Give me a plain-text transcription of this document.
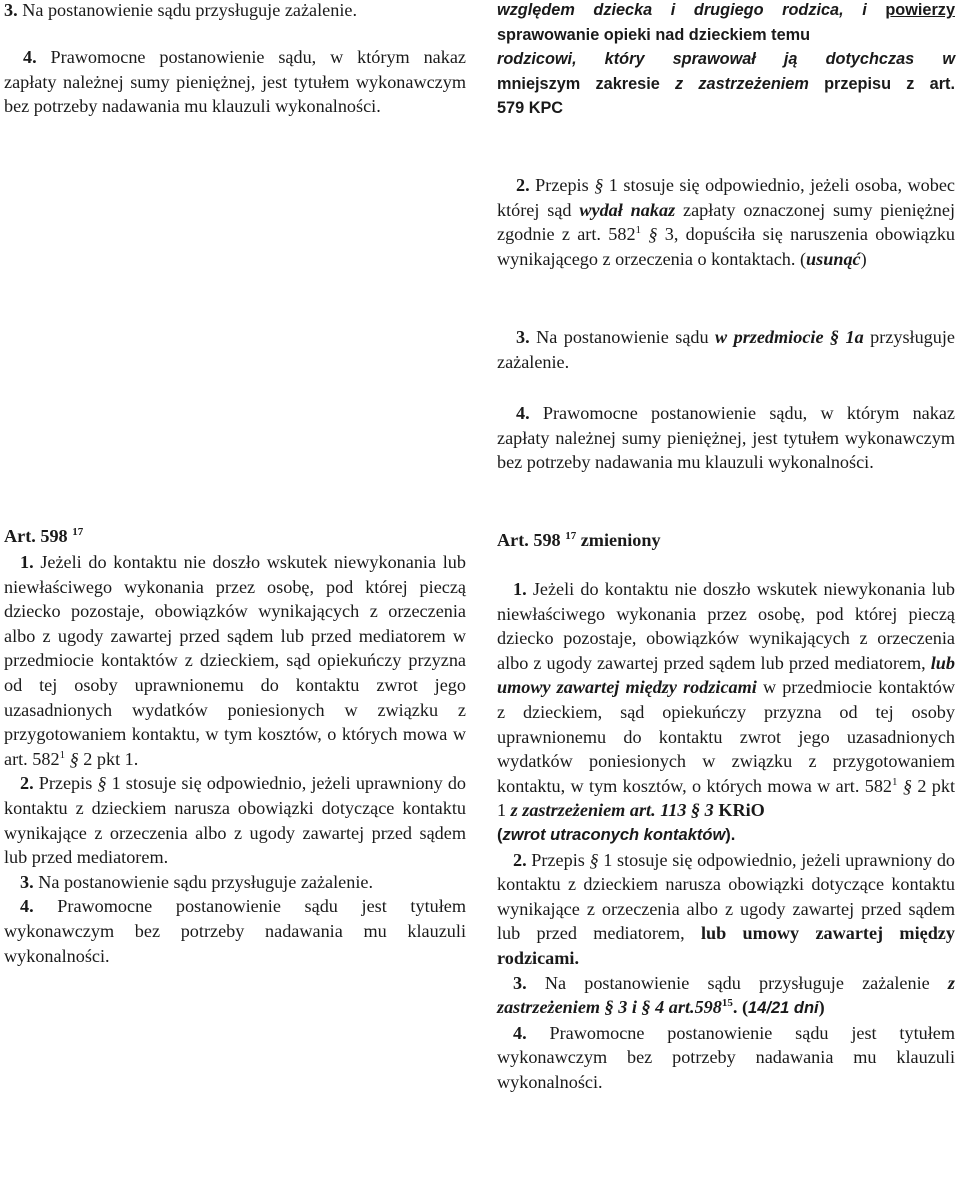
3. Na postanowienie sądu przysługuje zażalenie.

4. Prawomocne postanowienie sądu, w którym nakaz zapłaty należnej sumy pieniężnej, jest tytułem wykonawczym bez potrzeby nadawania mu klauzuli wykonalności.

Art. 598 $^{17}$

1. Jeżeli do kontaktu nie doszło wskutek niewykonania lub niewłaściwego wykonania przez osobę, pod której pieczą dziecko pozostaje, obowiązków wynikających z orzeczenia albo z ugody zawartej przed sądem lub przed mediatorem w przedmiocie kontaktów z dzieckiem, sąd opiekuńczy przyzna od tej osoby uprawnionemu do kontaktu zwrot jego uzasadnionych wydatków poniesionych w związku z przygotowaniem kontaktu, w tym kosztów, o których mowa w art. $582^1$ § 2 pkt 1.

2. Przepis § 1 stosuje się odpowiednio, jeżeli uprawniony do kontaktu z dzieckiem narusza obowiązki dotyczące kontaktu wynikające z orzeczenia albo z ugody zawartej przed sądem lub przed mediatorem.

3. Na postanowienie sądu przysługuje zażalenie.

4. Prawomocne postanowienie sądu jest tytułem wykonawczym bez potrzeby nadawania mu klauzuli wykonalności.

względem dziecka i drugiego rodzica, i powierzy
sprawowanie opieki nad dzieckiem temu
rodzicowi, który sprawował ją dotychczas w
mniejszym zakresie z zastrzeżeniem przepisu z art.
579 KPC

2. Przepis § 1 stosuje się odpowiednio, jeżeli osoba, wobec której sąd wydał nakaz zapłaty oznaczonej sumy pieniężnej zgodnie z art. $582^1$ § 3, dopuściła się naruszenia obowiązku wynikającego z orzeczenia o kontaktach. (usunąć)

3. Na postanowienie sądu w przedmiocie § 1a przysługuje zażalenie.

4. Prawomocne postanowienie sądu, w którym nakaz zapłaty należnej sumy pieniężnej, jest tytułem wykonawczym bez potrzeby nadawania mu klauzuli wykonalności.

Art. 598 $^{17}$ zmieniony

1. Jeżeli do kontaktu nie doszło wskutek niewykonania lub niewłaściwego wykonania przez osobę, pod której pieczą dziecko pozostaje, obowiązków wynikających z orzeczenia albo z ugody zawartej przed sądem lub przed mediatorem, lub umowy zawartej między rodzicami w przedmiocie kontaktów z dzieckiem, sąd opiekuńczy przyzna od tej osoby uprawnionemu do kontaktu zwrot jego uzasadnionych wydatków poniesionych w związku z przygotowaniem kontaktu, w tym kosztów, o których mowa w art. $582^1$ § 2 pkt 1 z zastrzeżeniem art. 113 § 3 KRiO

(zwrot utraconych kontaktów).

2. Przepis § 1 stosuje się odpowiednio, jeżeli uprawniony do kontaktu z dzieckiem narusza obowiązki dotyczące kontaktu wynikające z orzeczenia albo z ugody zawartej przed sądem lub przed mediatorem, lub umowy zawartej między rodzicami.

3. Na postanowienie sądu przysługuje zażalenie z zastrzeżeniem § 3 i § 4 art.598$^{15}$. (14/21 dni)

4. Prawomocne postanowienie sądu jest tytułem wykonawczym bez potrzeby nadawania mu klauzuli wykonalności.
